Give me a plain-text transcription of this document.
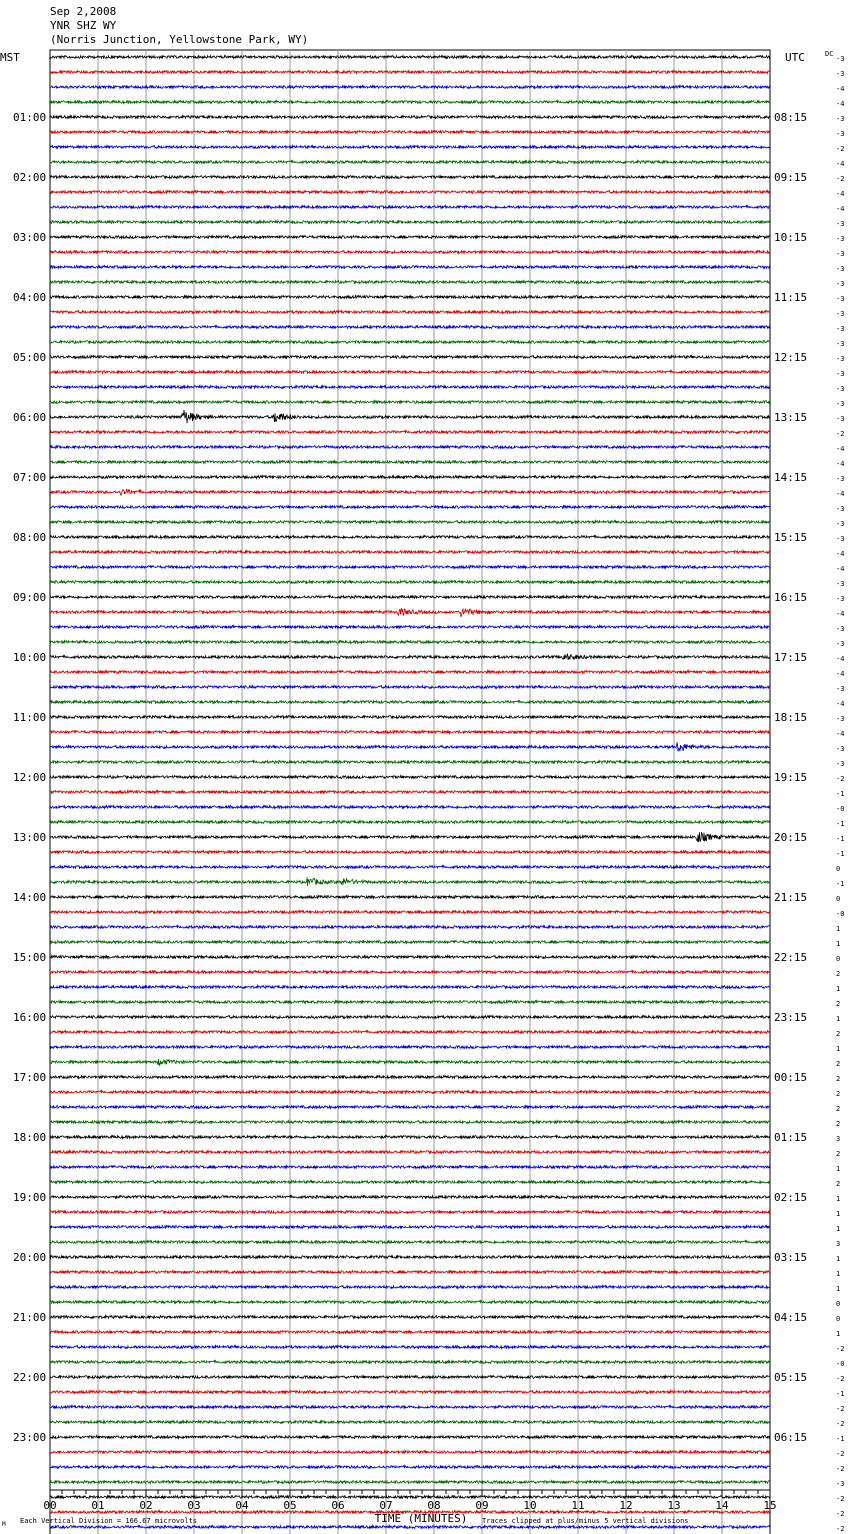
Sep 2,2008
YNR SHZ WY
(Norris Junction, Yellowstone Park, WY)
MST	UTC	DC
-3
-3
-4
-4
-3
-3
-2
-4
-2
-4
-4
-3
-3
-3
-3
-3
-3
-3
-3
-3
-3
-3
-3
-3
-3
-2
-4
-4
-3
-4
-3
-3
-3
-4
-4
-3
-3
-4
-3
-3
-4
-4
-3
-4
-3
-4
-3
-3
-2
-1
-0
-1
-1
-1
0
-1
0
-0
1
1
0
2
1
2
1
2
1
2
2
2
2
2
3
2
1
2
1
1
1
3
1
1
1
0
0
1
-2
-0
-2
-1
-2
-2
-1
-2
-2
-3
-2
-2
-2
01:00	08:15
02:00	09:15
03:00	10:15
04:00	11:15
05:00	12:15
06:00	13:15
07:00	14:15
08:00	15:15
09:00	16:15
10:00	17:15
11:00	18:15
12:00	19:15
13:00	20:15
14:00	21:15
15:00	22:15
16:00	23:15
17:00	00:15
18:00	01:15
19:00	02:15
20:00	03:15
21:00	04:15
22:00	05:15
23:00	06:15
00	01	02	03	04	05	06	07	08	09	10	11	12	13	14	15
TIME (MINUTES)
Each Vertical Division = 166.67 microvolts	Traces clipped at plus/minus 5 vertical divisions
M
